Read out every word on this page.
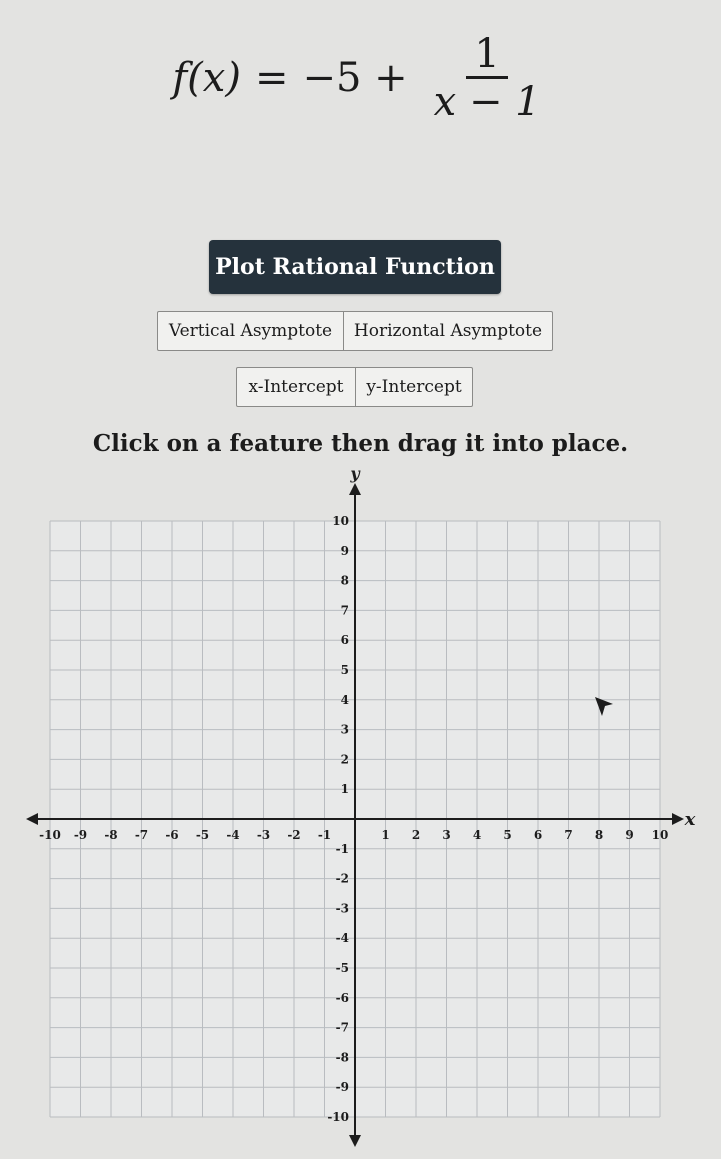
$f(x) = -5 + \frac{1}{x - 1}$
Plot Rational Function
Vertical Asymptote	Horizontal Asymptote
x-Intercept	y-Intercept
Click on a feature then drag it into place.
-10 -9 -8 -7 -6 -5 -4 -3 -2 -1	1 2 3 4 5 6 7 8 9 10
10
9
8
7
6
5
4
3
2
1
-1
-2
-3
-4
-5
-6
-7
-8
-9
-10
x
y
